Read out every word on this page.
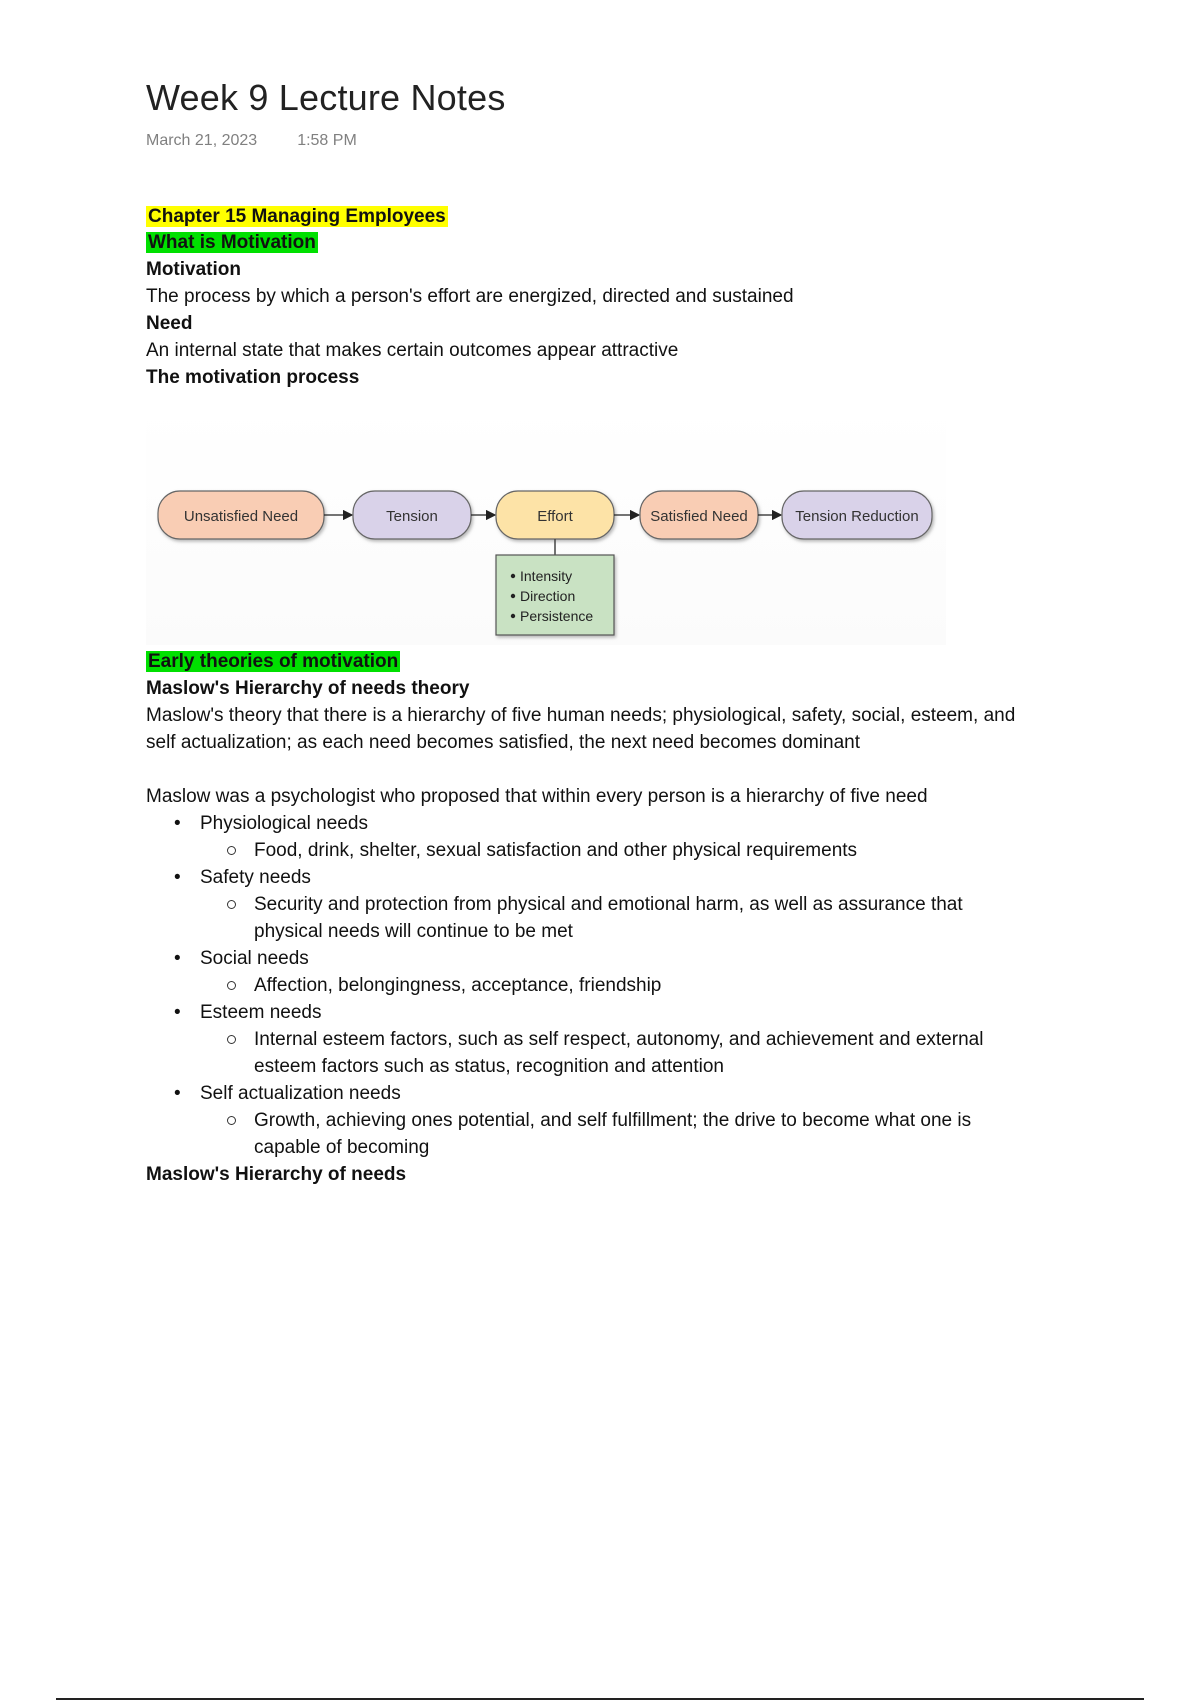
Week 9 Lecture Notes
March 21, 2023	1:58 PM
Chapter 15 Managing Employees
What is Motivation
Motivation
The process by which a person's effort are energized, directed and sustained
Need
An internal state that makes certain outcomes appear attractive
The motivation process
Unsatisfied Need	Tension	Effort	Satisfied Need	Tension Reduction
Intensity
Direction
Persistence
Early theories of motivation
Maslow's Hierarchy of needs theory
Maslow's theory that there is a hierarchy of five human needs; physiological, safety, social, esteem, and
self actualization; as each need becomes satisfied, the next need becomes dominant
Maslow was a psychologist who proposed that within every person is a hierarchy of five need
• Physiological needs
Food, drink, shelter, sexual satisfaction and other physical requirements
• Safety needs
Security and protection from physical and emotional harm, as well as assurance that physical needs will continue to be met
• Social needs
Affection, belongingness, acceptance, friendship
• Esteem needs
Internal esteem factors, such as self respect, autonomy, and achievement and external esteem factors such as status, recognition and attention
• Self actualization needs
Growth, achieving ones potential, and self fulfillment; the drive to become what one is capable of becoming
Maslow's Hierarchy of needs
